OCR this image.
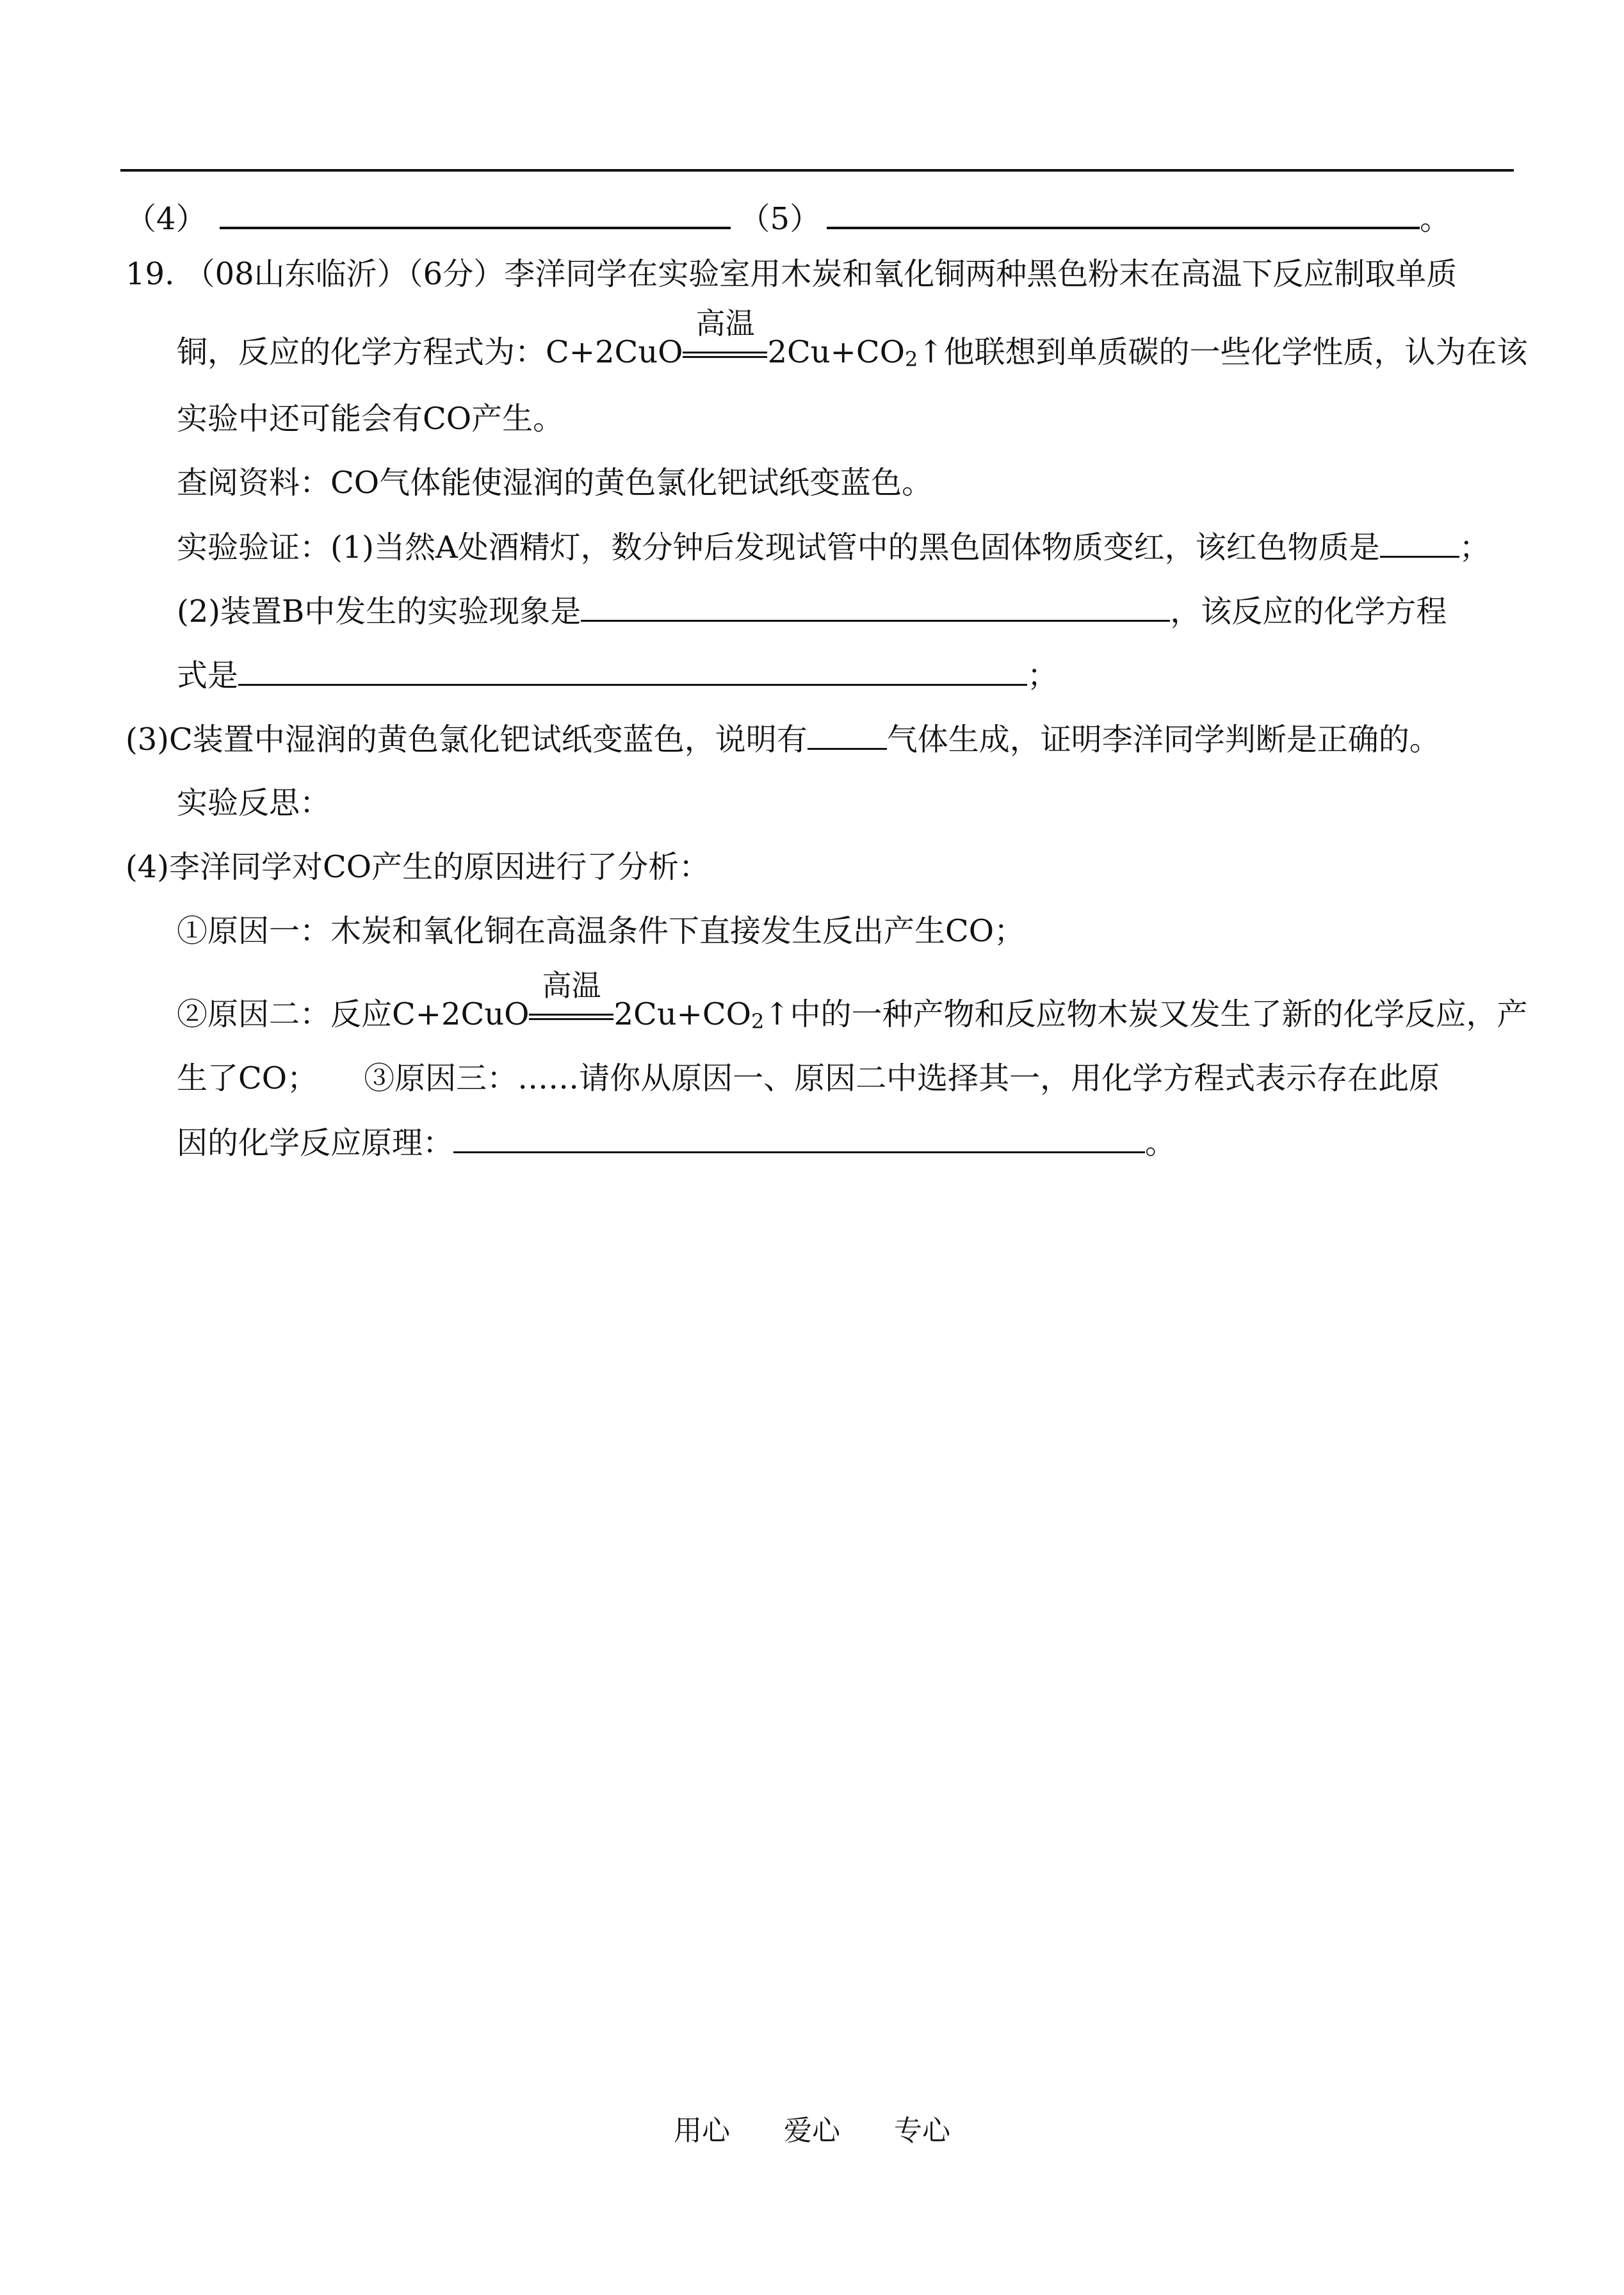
（4）	（5）	。
19. （08山东临沂）（6分）李洋同学在实验室用木炭和氧化铜两种黑色粉末在高温下反应制取单质
铜，反应的化学方程式为：C+2CuO
高温
$2Cu+CO_2↑$他联想到单质碳的一些化学性质，认为在该
实验中还可能会有CO产生。
查阅资料：CO气体能使湿润的黄色氯化钯试纸变蓝色。
实验验证：(1)当然A处酒精灯，数分钟后发现试管中的黑色固体物质变红，该红色物质是	；
(2)装置B中发生的实验现象是	，该反应的化学方程
式是	；
(3)C装置中湿润的黄色氯化钯试纸变蓝色，说明有	气体生成，证明李洋同学判断是正确的。
实验反思：
(4)李洋同学对CO产生的原因进行了分析：
①原因一：木炭和氧化铜在高温条件下直接发生反出产生CO；
②原因二：反应C+2CuO
高温
$2Cu+CO_2↑$中的一种产物和反应物木炭又发生了新的化学反应，产
生了CO；　　③原因三：……请你从原因一、原因二中选择其一，用化学方程式表示存在此原
因的化学反应原理：	。
用心 爱心 专心
